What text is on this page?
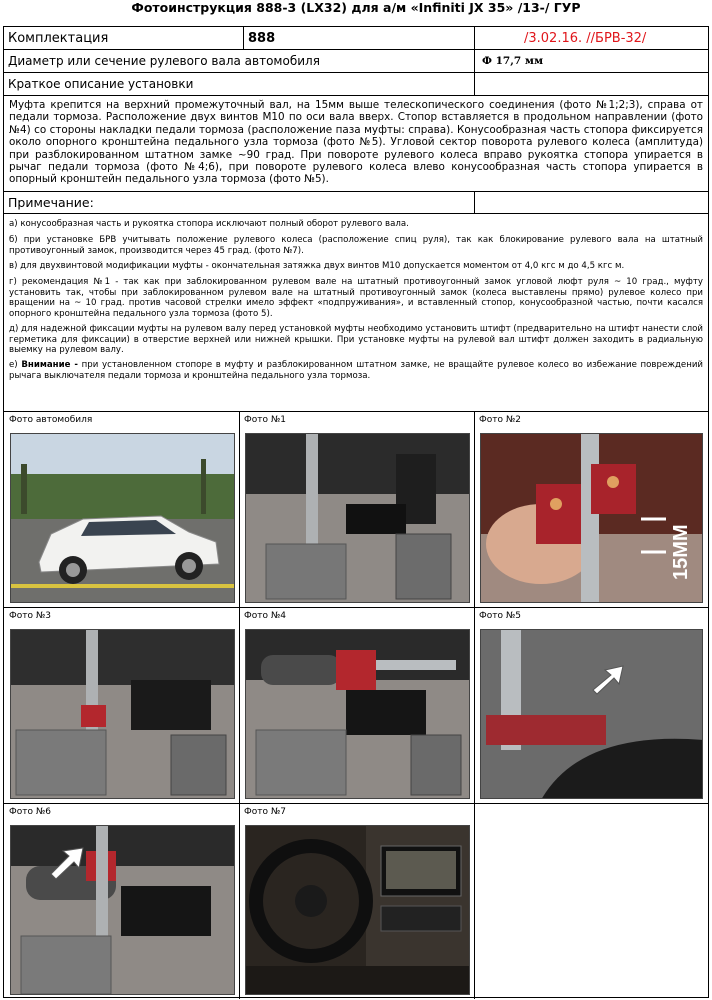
Фотоинструкция 888-3 (LX32) для а/м «Infiniti JX 35» /13-/ ГУР
Комплектация	888	/3.02.16. //БРВ-32/
Диаметр или сечение рулевого вала автомобиля	Ф 17,7 мм
Краткое описание установки
Муфта крепится на верхний промежуточный вал, на 15мм выше телескопического соединения (фото №1;2;3), справа от педали тормоза. Расположение двух винтов М10 по оси вала вверх. Стопор вставляется в продольном направлении (фото №4) со стороны накладки педали тормоза (расположение паза муфты: справа). Конусообразная часть стопора фиксируется около опорного кронштейна педального узла тормоза (фото №5). Угловой сектор поворота рулевого колеса (амплитуда) при разблокированном штатном замке ~90 град. При повороте рулевого колеса вправо рукоятка стопора упирается в рычаг педали тормоза (фото №4;6), при повороте рулевого колеса влево конусообразная часть стопора упирается в опорный кронштейн педального узла тормоза (фото №5).
Примечание:
а) конусообразная часть и рукоятка стопора исключают полный оборот рулевого вала.
б) при установке БРВ учитывать положение рулевого колеса (расположение спиц руля), так как блокирование рулевого вала на штатный противоугонный замок, производится через 45 град. (фото №7).
в) для двухвинтовой модификации муфты - окончательная затяжка двух винтов М10 допускается моментом от 4,0 кгс м до 4,5 кгс м.
г) рекомендация №1 - так как при заблокированном рулевом вале на штатный противоугонный замок угловой люфт руля ~ 10 град., муфту установить так, чтобы при заблокированном рулевом вале на штатный противоугонный замок (колеса выставлены прямо) рулевое колесо при вращении на ~ 10 град. против часовой стрелки имело эффект «подпруживания», и вставленный стопор, конусообразной частью, почти касался опорного кронштейна педального узла тормоза (фото 5).
д) для надежной фиксации муфты на рулевом валу перед установкой муфты необходимо установить штифт (предварительно на штифт нанести слой герметика для фиксации) в отверстие верхней или нижней крышки. При установке муфты на рулевой вал штифт должен заходить в радиальную выемку на рулевом валу.
е) Внимание - при установленном стопоре в муфту и разблокированном штатном замке, не вращайте рулевое колесо во избежание повреждений рычага выключателя педали тормоза и кронштейна педального узла тормоза.
Фото автомобиля	Фото №1	Фото №2
Фото №3	Фото №4	Фото №5
Фото №6	Фото №7
15ММ
